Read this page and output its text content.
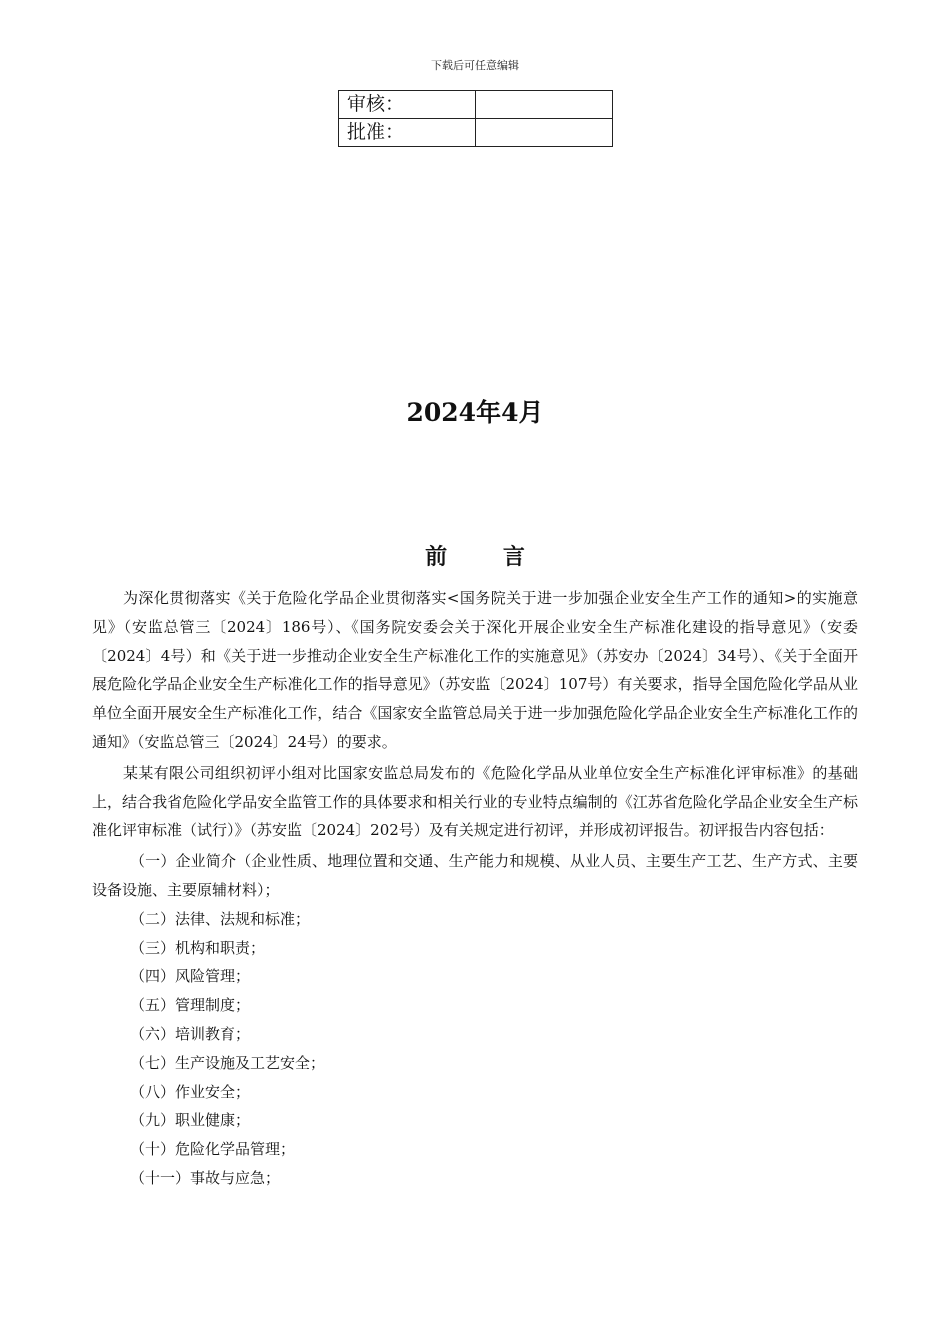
下载后可任意编辑
审核：	
批准：	
2024年4月
前 言

为深化贯彻落实《关于危险化学品企业贯彻落实<国务院关于进一步加强企业安全生产工作的通知>的实施意见》（安监总管三〔2024〕186号）、《国务院安委会关于深化开展企业安全生产标准化建设的指导意见》（安委〔2024〕4号）和《关于进一步推动企业安全生产标准化工作的实施意见》（苏安办〔2024〕34号）、《关于全面开展危险化学品企业安全生产标准化工作的指导意见》（苏安监〔2024〕107号）有关要求，指导全国危险化学品从业单位全面开展安全生产标准化工作，结合《国家安全监管总局关于进一步加强危险化学品企业安全生产标准化工作的通知》（安监总管三〔2024〕24号）的要求。

某某有限公司组织初评小组对比国家安监总局发布的《危险化学品从业单位安全生产标准化评审标准》的基础上，结合我省危险化学品安全监管工作的具体要求和相关行业的专业特点编制的《江苏省危险化学品企业安全生产标准化评审标准（试行）》（苏安监〔2024〕202号）及有关规定进行初评，并形成初评报告。初评报告内容包括：

（一）企业简介（企业性质、地理位置和交通、生产能力和规模、从业人员、主要生产工艺、生产方式、主要设备设施、主要原辅材料）；
（二）法律、法规和标准；
（三）机构和职责；
（四）风险管理；
（五）管理制度；
（六）培训教育；
（七）生产设施及工艺安全；
（八）作业安全；
（九）职业健康；
（十）危险化学品管理；
（十一）事故与应急；
